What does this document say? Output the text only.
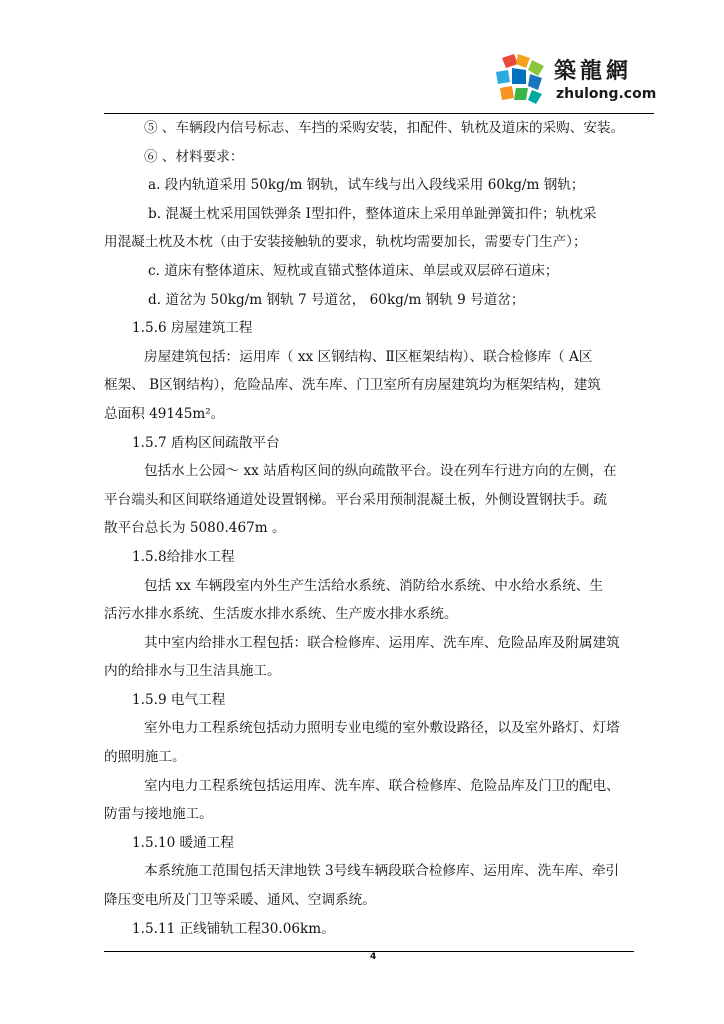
築龍網
zhulong.com
⑤ 、车辆段内信号标志、车挡的采购安装，扣配件、轨枕及道床的采购、安装。
⑥ 、材料要求：
a. 段内轨道采用 50kg/m 钢轨，试车线与出入段线采用 60kg/m 钢轨；
b. 混凝土枕采用国铁弹条 Ⅰ型扣件，整体道床上采用单趾弹簧扣件；轨枕采
用混凝土枕及木枕（由于安装接触轨的要求，轨枕均需要加长，需要专门生产）；
c. 道床有整体道床、短枕或直锚式整体道床、单层或双层碎石道床；
d. 道岔为 50kg/m 钢轨 7 号道岔， 60kg/m 钢轨 9 号道岔；
1.5.6 房屋建筑工程
房屋建筑包括：运用库（ xx 区钢结构、Ⅱ区框架结构）、联合检修库（ A区
框架、 B区钢结构），危险品库、洗车库、门卫室所有房屋建筑均为框架结构，建筑
总面积 49145m²。
1.5.7 盾构区间疏散平台
包括水上公园～ xx 站盾构区间的纵向疏散平台。设在列车行进方向的左侧，在
平台端头和区间联络通道处设置钢梯。平台采用预制混凝土板，外侧设置钢扶手。疏
散平台总长为 5080.467m 。
1.5.8给排水工程
包括 xx 车辆段室内外生产生活给水系统、消防给水系统、中水给水系统、生
活污水排水系统、生活废水排水系统、生产废水排水系统。
其中室内给排水工程包括：联合检修库、运用库、洗车库、危险品库及附属建筑
内的给排水与卫生洁具施工。
1.5.9 电气工程
室外电力工程系统包括动力照明专业电缆的室外敷设路径，以及室外路灯、灯塔
的照明施工。
室内电力工程系统包括运用库、洗车库、联合检修库、危险品库及门卫的配电、
防雷与接地施工。
1.5.10 暖通工程
本系统施工范围包括天津地铁 3号线车辆段联合检修库、运用库、洗车库、牵引
降压变电所及门卫等采暖、通风、空调系统。
1.5.11 正线铺轨工程30.06km。
4
